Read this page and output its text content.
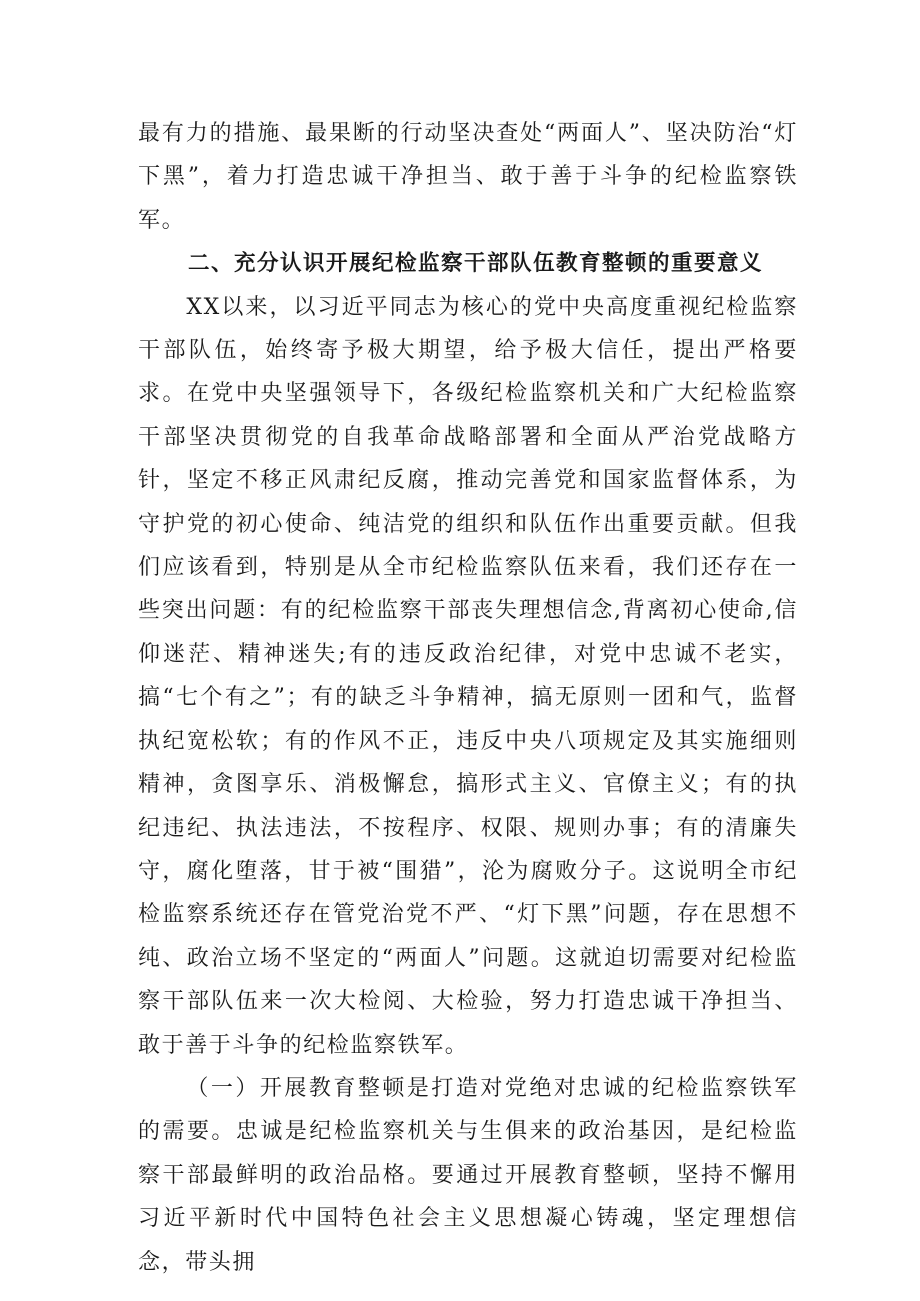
最有力的措施、最果断的行动坚决查处“两面人”、坚决防治“灯下黑”，着力打造忠诚干净担当、敢于善于斗争的纪检监察铁军。

二、充分认识开展纪检监察干部队伍教育整顿的重要意义

XX以来，以习近平同志为核心的党中央高度重视纪检监察干部队伍，始终寄予极大期望，给予极大信任，提出严格要求。在党中央坚强领导下，各级纪检监察机关和广大纪检监察干部坚决贯彻党的自我革命战略部署和全面从严治党战略方针，坚定不移正风肃纪反腐，推动完善党和国家监督体系，为守护党的初心使命、纯洁党的组织和队伍作出重要贡献。但我们应该看到，特别是从全市纪检监察队伍来看，我们还存在一些突出问题：有的纪检监察干部丧失理想信念,背离初心使命,信仰迷茫、精神迷失;有的违反政治纪律，对党中忠诚不老实，搞“七个有之”；有的缺乏斗争精神，搞无原则一团和气，监督执纪宽松软；有的作风不正，违反中央八项规定及其实施细则精神，贪图享乐、消极懈怠，搞形式主义、官僚主义；有的执纪违纪、执法违法，不按程序、权限、规则办事；有的清廉失守，腐化堕落，甘于被“围猎”，沦为腐败分子。这说明全市纪检监察系统还存在管党治党不严、“灯下黑”问题，存在思想不纯、政治立场不坚定的“两面人”问题。这就迫切需要对纪检监察干部队伍来一次大检阅、大检验，努力打造忠诚干净担当、敢于善于斗争的纪检监察铁军。

（一）开展教育整顿是打造对党绝对忠诚的纪检监察铁军的需要。忠诚是纪检监察机关与生俱来的政治基因，是纪检监察干部最鲜明的政治品格。要通过开展教育整顿，坚持不懈用习近平新时代中国特色社会主义思想凝心铸魂，坚定理想信念，带头拥
